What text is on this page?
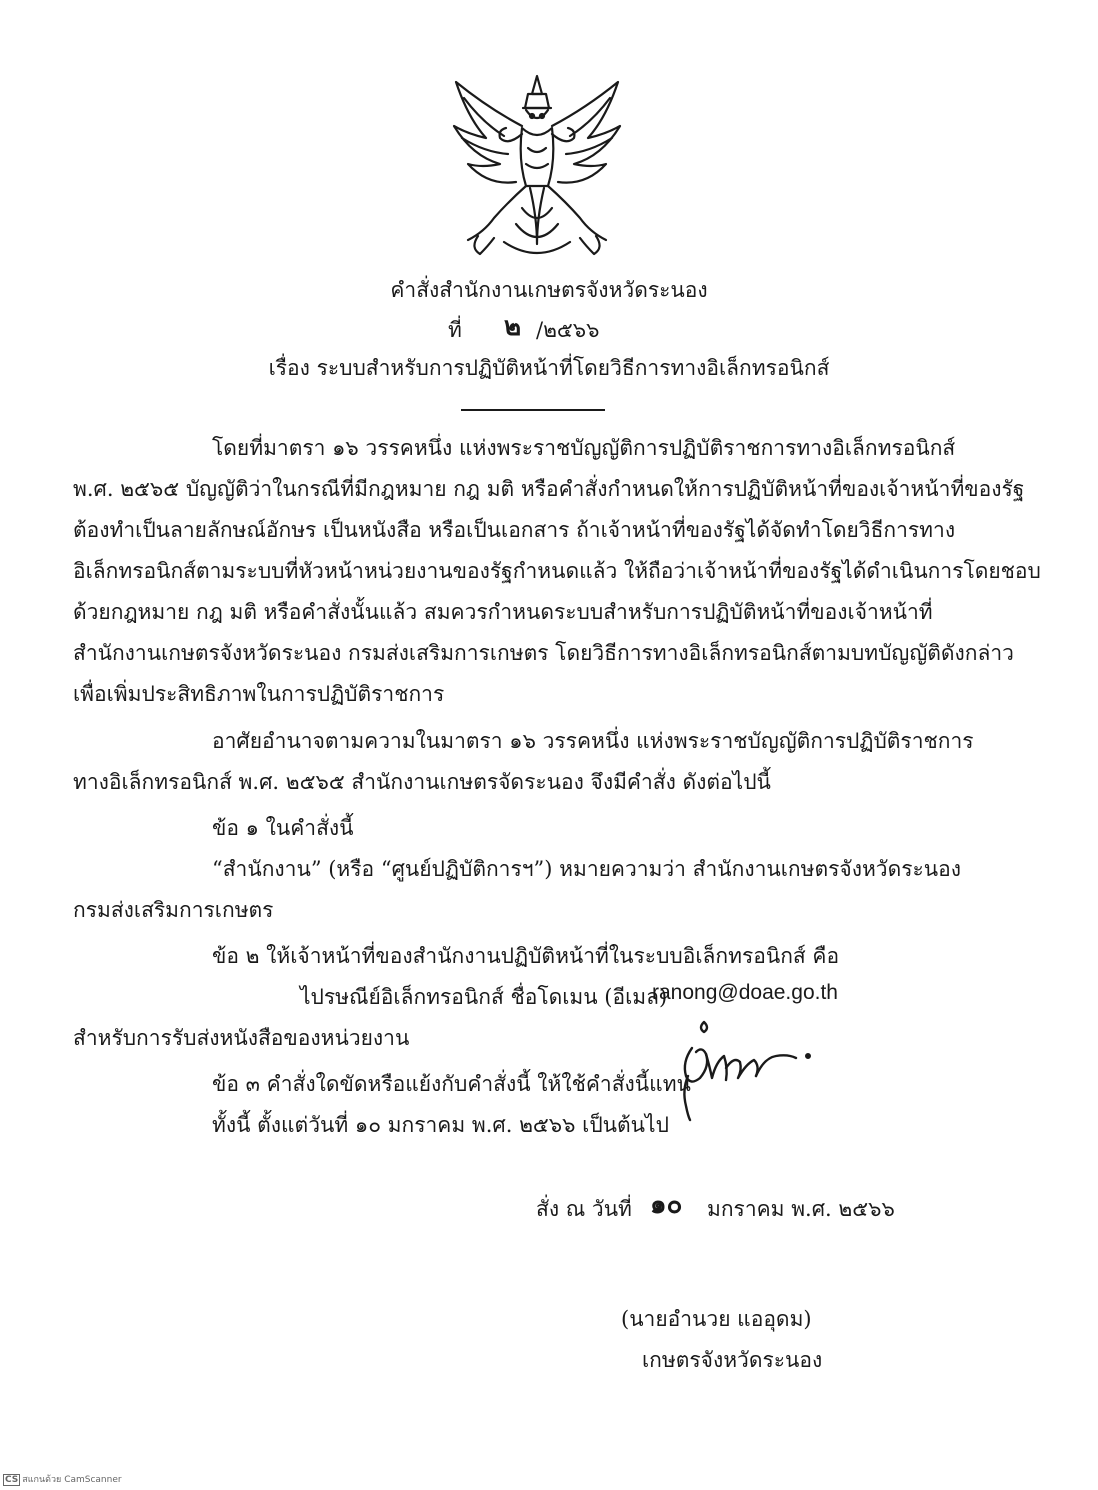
คำสั่งสำนักงานเกษตรจังหวัดระนอง
ที่ ๒ /๒๕๖๖
เรื่อง ระบบสำหรับการปฏิบัติหน้าที่โดยวิธีการทางอิเล็กทรอนิกส์
โดยที่มาตรา ๑๖ วรรคหนึ่ง แห่งพระราชบัญญัติการปฏิบัติราชการทางอิเล็กทรอนิกส์
พ.ศ. ๒๕๖๕ บัญญัติว่าในกรณีที่มีกฎหมาย กฎ มติ หรือคำสั่งกำหนดให้การปฏิบัติหน้าที่ของเจ้าหน้าที่ของรัฐ
ต้องทำเป็นลายลักษณ์อักษร เป็นหนังสือ หรือเป็นเอกสาร ถ้าเจ้าหน้าที่ของรัฐได้จัดทำโดยวิธีการทาง
อิเล็กทรอนิกส์ตามระบบที่หัวหน้าหน่วยงานของรัฐกำหนดแล้ว ให้ถือว่าเจ้าหน้าที่ของรัฐได้ดำเนินการโดยชอบ
ด้วยกฎหมาย กฎ มติ หรือคำสั่งนั้นแล้ว สมควรกำหนดระบบสำหรับการปฏิบัติหน้าที่ของเจ้าหน้าที่
สำนักงานเกษตรจังหวัดระนอง กรมส่งเสริมการเกษตร โดยวิธีการทางอิเล็กทรอนิกส์ตามบทบัญญัติดังกล่าว
เพื่อเพิ่มประสิทธิภาพในการปฏิบัติราชการ
อาศัยอำนาจตามความในมาตรา ๑๖ วรรคหนึ่ง แห่งพระราชบัญญัติการปฏิบัติราชการ
ทางอิเล็กทรอนิกส์ พ.ศ. ๒๕๖๕ สำนักงานเกษตรจัดระนอง จึงมีคำสั่ง ดังต่อไปนี้
ข้อ ๑ ในคำสั่งนี้
“สำนักงาน” (หรือ “ศูนย์ปฏิบัติการฯ”) หมายความว่า สำนักงานเกษตรจังหวัดระนอง
กรมส่งเสริมการเกษตร
ข้อ ๒ ให้เจ้าหน้าที่ของสำนักงานปฏิบัติหน้าที่ในระบบอิเล็กทรอนิกส์ คือ
ไปรษณีย์อิเล็กทรอนิกส์ ชื่อโดเมน (อีเมล)
ranong@doae.go.th
สำหรับการรับส่งหนังสือของหน่วยงาน
ข้อ ๓ คำสั่งใดขัดหรือแย้งกับคำสั่งนี้ ให้ใช้คำสั่งนี้แทน
ทั้งนี้ ตั้งแต่วันที่ ๑๐ มกราคม พ.ศ. ๒๕๖๖ เป็นต้นไป
สั่ง ณ วันที่ ๑๐ มกราคม พ.ศ. ๒๕๖๖
(นายอำนวย แออุดม)
เกษตรจังหวัดระนอง
CS สแกนด้วย CamScanner
